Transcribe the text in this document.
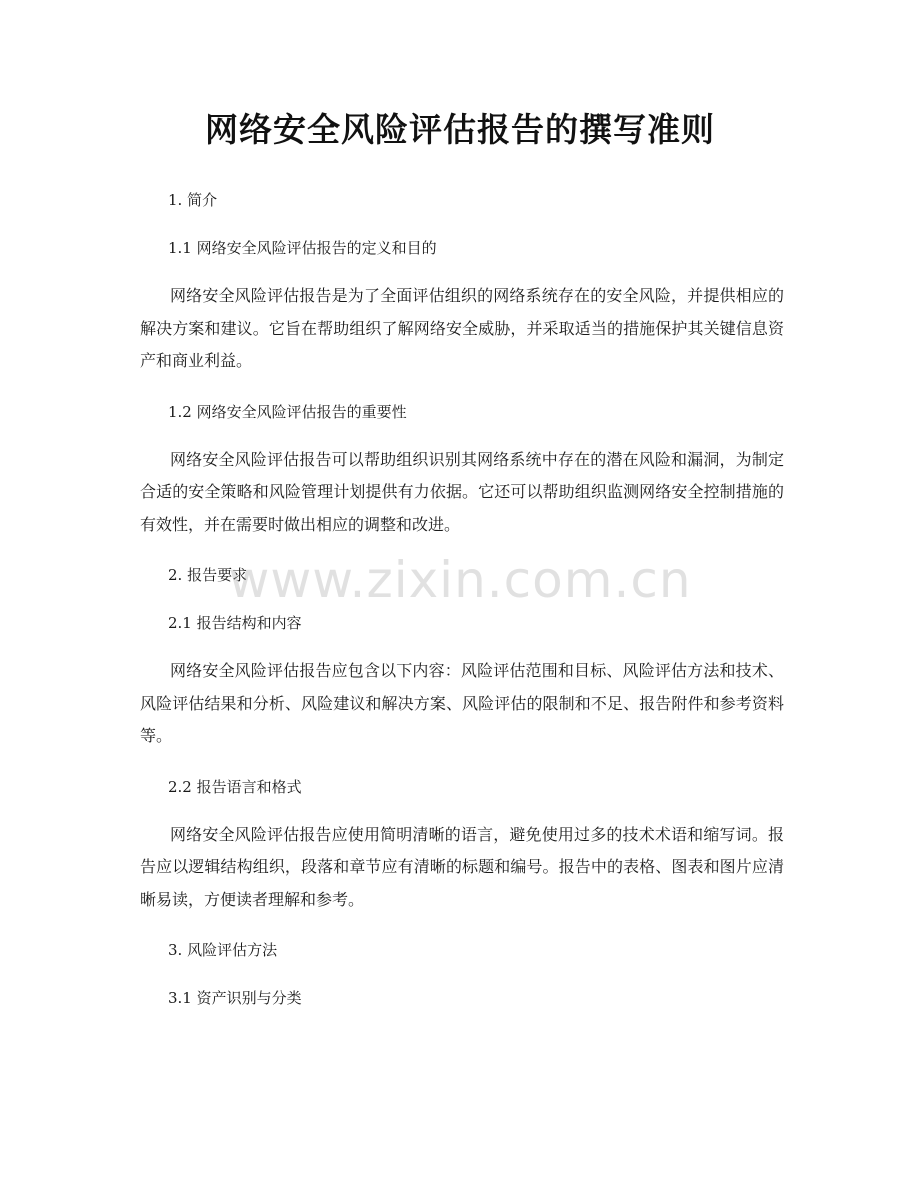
网络安全风险评估报告的撰写准则
1. 简介
1.1 网络安全风险评估报告的定义和目的

网络安全风险评估报告是为了全面评估组织的网络系统存在的安全风险，并提供相应的解决方案和建议。它旨在帮助组织了解网络安全威胁，并采取适当的措施保护其关键信息资产和商业利益。

1.2 网络安全风险评估报告的重要性

网络安全风险评估报告可以帮助组织识别其网络系统中存在的潜在风险和漏洞，为制定合适的安全策略和风险管理计划提供有力依据。它还可以帮助组织监测网络安全控制措施的有效性，并在需要时做出相应的调整和改进。

2. 报告要求
2.1 报告结构和内容

网络安全风险评估报告应包含以下内容：风险评估范围和目标、风险评估方法和技术、风险评估结果和分析、风险建议和解决方案、风险评估的限制和不足、报告附件和参考资料等。

2.2 报告语言和格式

网络安全风险评估报告应使用简明清晰的语言，避免使用过多的技术术语和缩写词。报告应以逻辑结构组织，段落和章节应有清晰的标题和编号。报告中的表格、图表和图片应清晰易读，方便读者理解和参考。

3. 风险评估方法
3.1 资产识别与分类
www.zixin.com.cn
